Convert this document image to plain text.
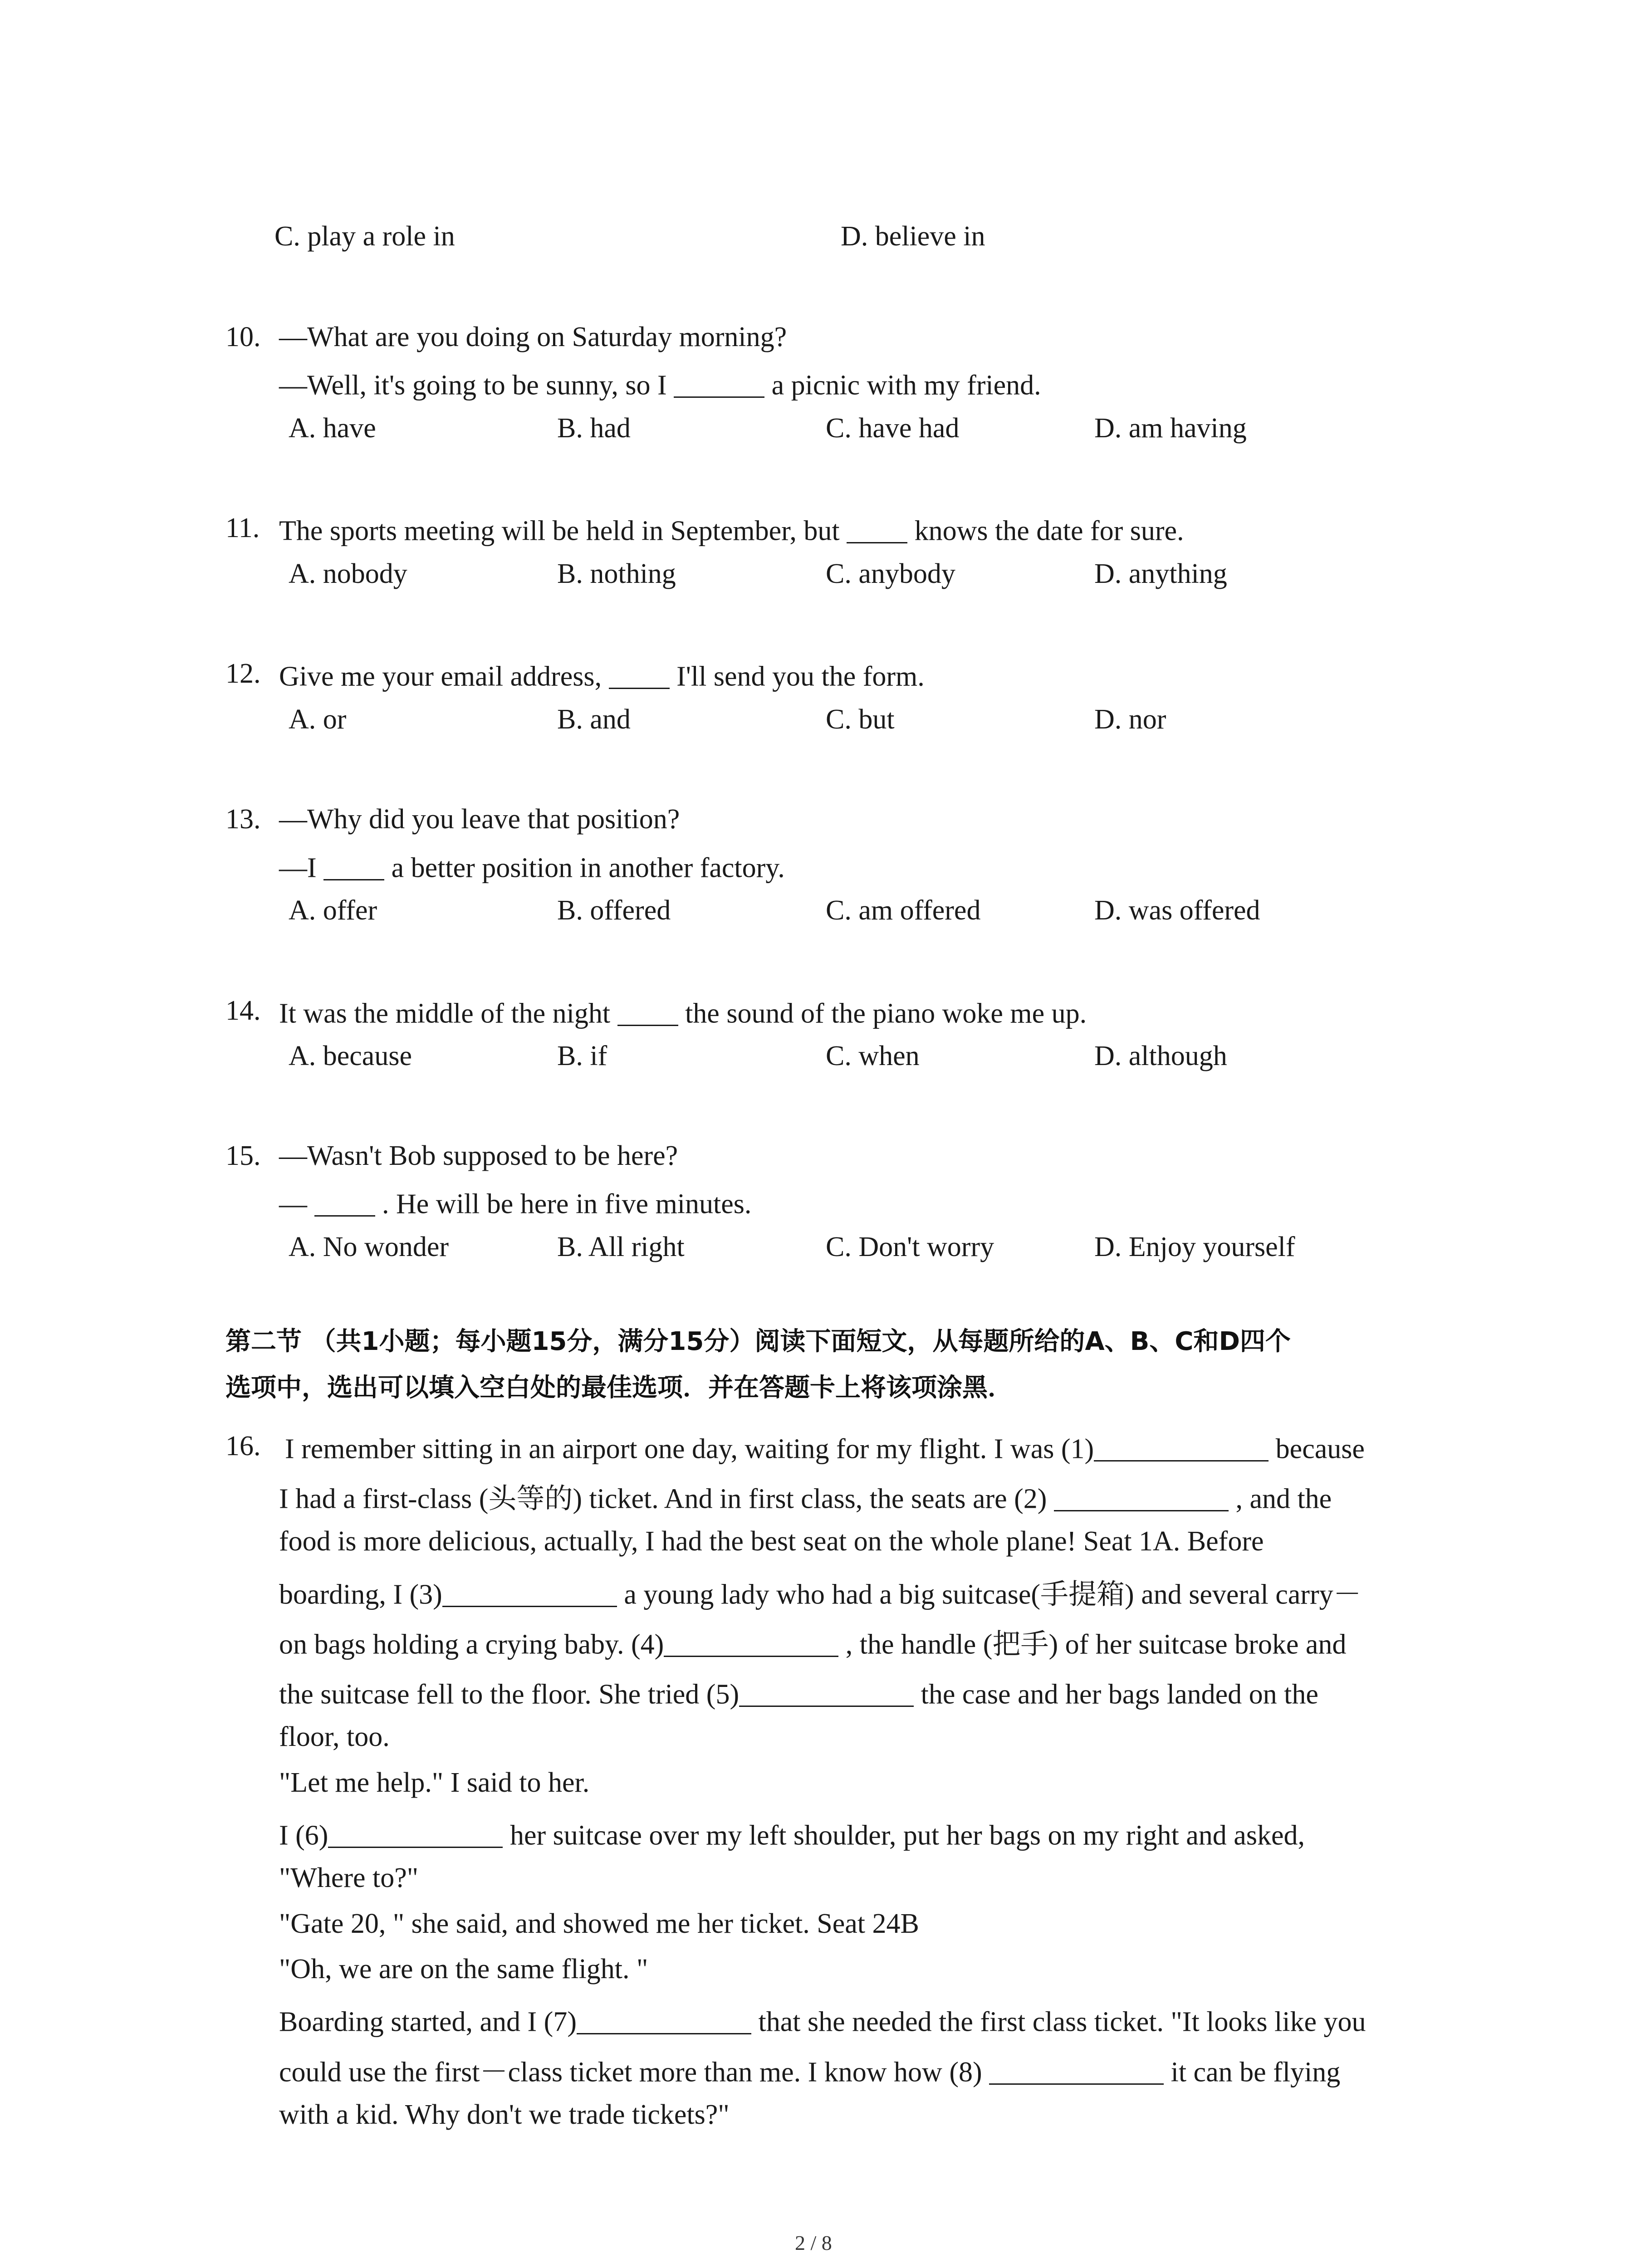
C. play a role in	D. believe in
10. —What are you doing on Saturday morning?
—Well, it's going to be sunny, so I	a picnic with my friend.
A. have	B. had	C. have had	D. am having
11. The sports meeting will be held in September, but	knows the date for sure.
A. nobody	B. nothing	C. anybody	D. anything
12. Give me your email address,	I'll send you the form.
A. or	B. and	C. but	D. nor
13. —Why did you leave that position?
—I	a better position in another factory.
A. offer	B. offered	C. am offered	D. was offered
14. It was the middle of the night	the sound of the piano woke me up.
A. because	B. if	C. when	D. although
15. —Wasn't Bob supposed to be here?
—	. He will be here in five minutes.
A. No wonder	B. All right	C. Don't worry	D. Enjoy yourself
第二节 （共1小题；每小题15分，满分15分）阅读下面短文，从每题所给的A、B、C和D四个
选项中，选出可以填入空白处的最佳选项．并在答题卡上将该项涂黑．
16. I remember sitting in an airport one day, waiting for my flight. I was (1)	because
I had a first-class (头等的) ticket. And in first class, the seats are (2)	, and the
food is more delicious, actually, I had the best seat on the whole plane! Seat 1A. Before
boarding, I (3)	a young lady who had a big suitcase(手提箱) and several carry－
on bags holding a crying baby. (4)	, the handle (把手) of her suitcase broke and
the suitcase fell to the floor. She tried (5)	the case and her bags landed on the
floor, too.
"Let me help." I said to her.
I (6)	her suitcase over my left shoulder, put her bags on my right and asked,
"Where to?"
"Gate 20, " she said, and showed me her ticket. Seat 24B
"Oh, we are on the same flight. "
Boarding started, and I (7)	that she needed the first class ticket. "It looks like you
could use the first－class ticket more than me. I know how (8)	it can be flying
with a kid. Why don't we trade tickets?"
2 / 8
